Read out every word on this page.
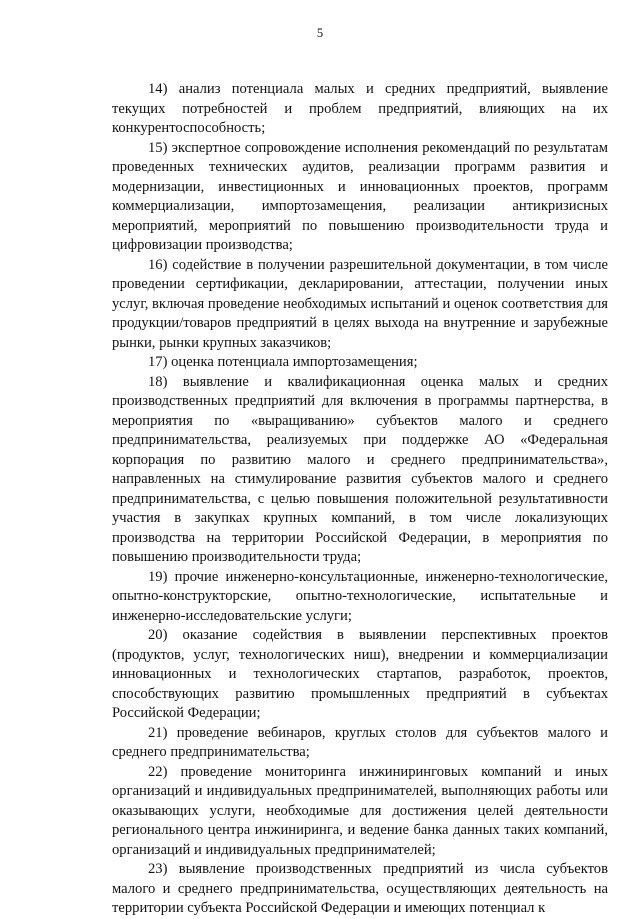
5

14) анализ потенциала малых и средних предприятий, выявление текущих потребностей и проблем предприятий, влияющих на их конкурентоспособность;

15) экспертное сопровождение исполнения рекомендаций по результатам проведенных технических аудитов, реализации программ развития и модернизации, инвестиционных и инновационных проектов, программ коммерциализации, импортозамещения, реализации антикризисных мероприятий, мероприятий по повышению производительности труда и цифровизации производства;

16) содействие в получении разрешительной документации, в том числе проведении сертификации, декларировании, аттестации, получении иных услуг, включая проведение необходимых испытаний и оценок соответствия для продукции/товаров предприятий в целях выхода на внутренние и зарубежные рынки, рынки крупных заказчиков;

17) оценка потенциала импортозамещения;

18) выявление и квалификационная оценка малых и средних производственных предприятий для включения в программы партнерства, в мероприятия по «выращиванию» субъектов малого и среднего предпринимательства, реализуемых при поддержке АО «Федеральная корпорация по развитию малого и среднего предпринимательства», направленных на стимулирование развития субъектов малого и среднего предпринимательства, с целью повышения положительной результативности участия в закупках крупных компаний, в том числе локализующих производства на территории Российской Федерации, в мероприятия по повышению производительности труда;

19) прочие инженерно-консультационные, инженерно-технологические, опытно-конструкторские, опытно-технологические, испытательные и инженерно-исследовательские услуги;

20) оказание содействия в выявлении перспективных проектов (продуктов, услуг, технологических ниш), внедрении и коммерциализации инновационных и технологических стартапов, разработок, проектов, способствующих развитию промышленных предприятий в субъектах Российской Федерации;

21) проведение вебинаров, круглых столов для субъектов малого и среднего предпринимательства;

22) проведение мониторинга инжиниринговых компаний и иных организаций и индивидуальных предпринимателей, выполняющих работы или оказывающих услуги, необходимые для достижения целей деятельности регионального центра инжиниринга, и ведение банка данных таких компаний, организаций и индивидуальных предпринимателей;

23) выявление производственных предприятий из числа субъектов малого и среднего предпринимательства, осуществляющих деятельность на территории субъекта Российской Федерации и имеющих потенциал к
